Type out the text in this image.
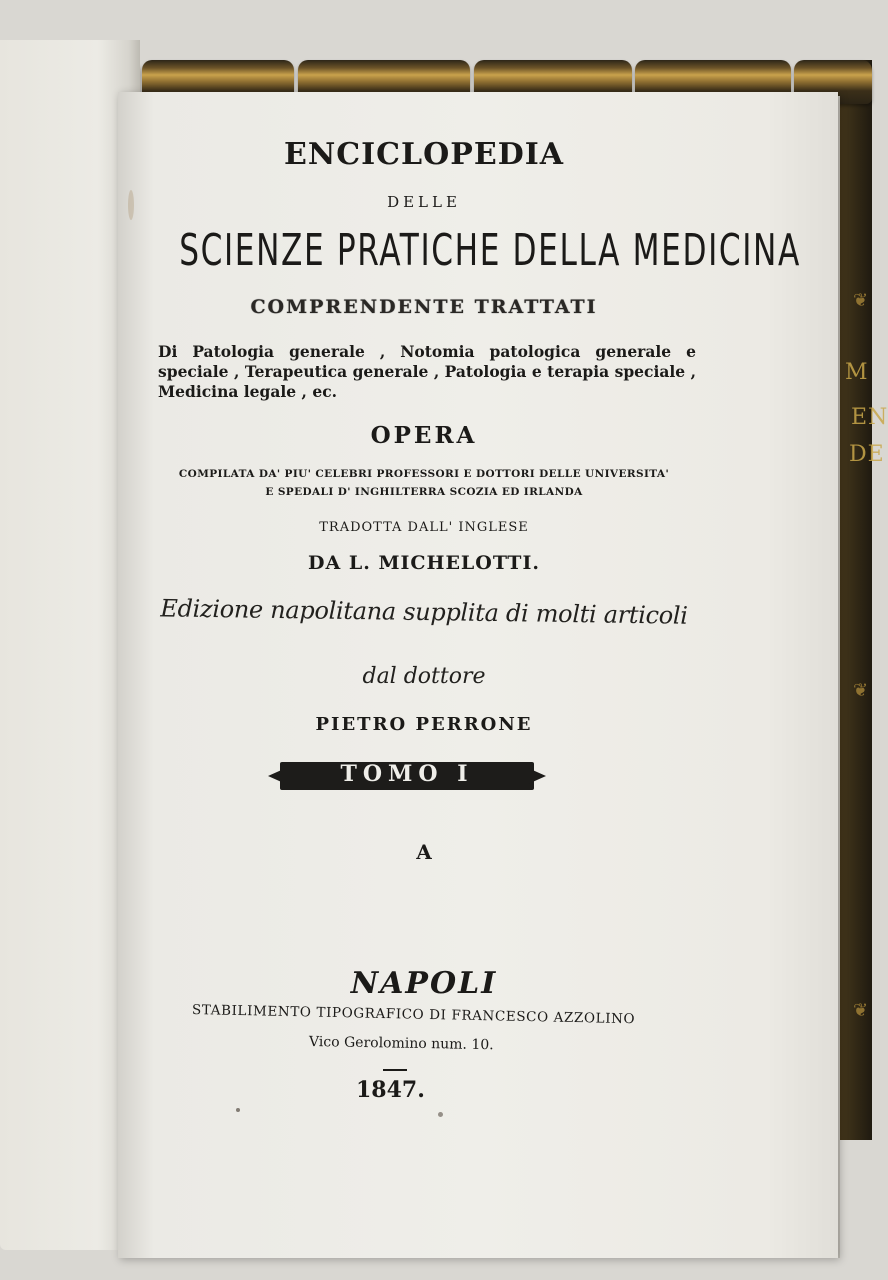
M
EN
DE
❦
❦
❦
ENCICLOPEDIA
DELLE
SCIENZE PRATICHE DELLA MEDICINA
COMPRENDENTE TRATTATI
Di Patologia generale , Notomia patologica generale e speciale , Terapeutica generale , Patologia e terapia speciale , Medicina legale , ec.
OPERA
COMPILATA DA' PIU' CELEBRI PROFESSORI E DOTTORI DELLE UNIVERSITA'
E SPEDALI D' INGHILTERRA SCOZIA ED IRLANDA
TRADOTTA DALL' INGLESE
DA L. MICHELOTTI.
Edizione napolitana supplita di molti articoli
dal dottore
PIETRO PERRONE
TOMO I
A
NAPOLI
STABILIMENTO TIPOGRAFICO DI FRANCESCO AZZOLINO
Vico Gerolomino num. 10.
1847.
